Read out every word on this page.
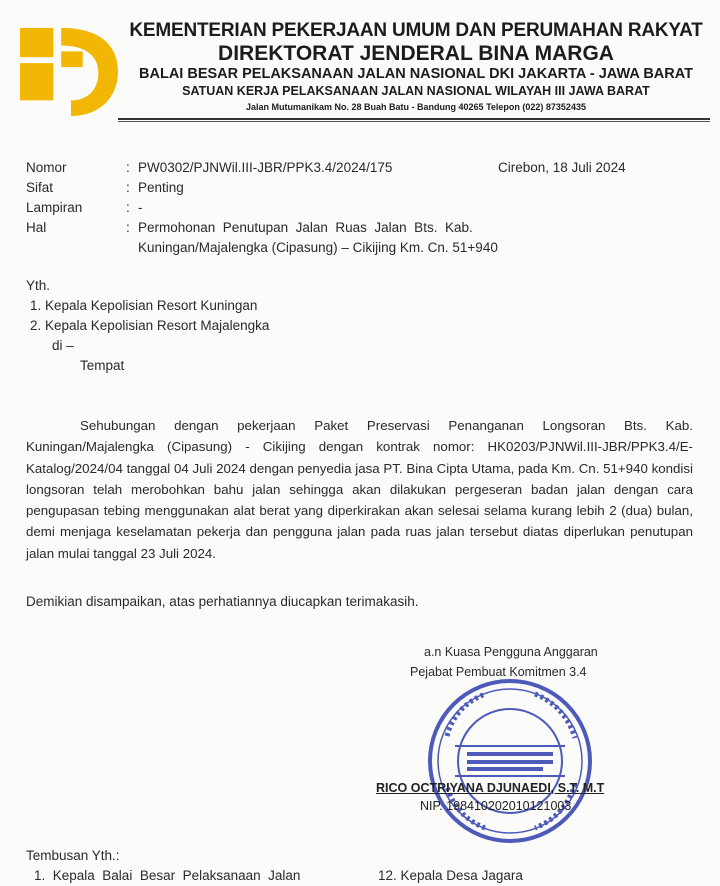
KEMENTERIAN PEKERJAAN UMUM DAN PERUMAHAN RAKYAT
DIREKTORAT JENDERAL BINA MARGA
BALAI BESAR PELAKSANAAN JALAN NASIONAL DKI JAKARTA - JAWA BARAT
SATUAN KERJA PELAKSANAAN JALAN NASIONAL WILAYAH III JAWA BARAT
Jalan Mutumanikam No. 28 Buah Batu - Bandung 40265 Telepon (022) 87352435
Nomor	: PW0302/PJNWil.III-JBR/PPK3.4/2024/175	Cirebon, 18 Juli 2024
Sifat	: Penting
Lampiran	: -
Hal	: Permohonan  Penutupan  Jalan  Ruas  Jalan  Bts.  Kab.
Kuningan/Majalengka (Cipasung) – Cikijing Km. Cn. 51+940
Yth.
1. Kepala Kepolisian Resort Kuningan
2. Kepala Kepolisian Resort Majalengka
di –
Tempat
Sehubungan dengan pekerjaan Paket Preservasi Penanganan Longsoran Bts. Kab. Kuningan/Majalengka (Cipasung) - Cikijing dengan kontrak nomor: HK0203/PJNWil.III-JBR/PPK3.4/E-Katalog/2024/04 tanggal 04 Juli 2024 dengan penyedia jasa PT. Bina Cipta Utama, pada Km. Cn. 51+940 kondisi longsoran telah merobohkan bahu jalan sehingga akan dilakukan pergeseran badan jalan dengan cara pengupasan tebing menggunakan alat berat yang diperkirakan akan selesai selama kurang lebih 2 (dua) bulan, demi menjaga keselamatan pekerja dan pengguna jalan pada ruas jalan tersebut diatas diperlukan penutupan jalan mulai tanggal 23 Juli 2024.
Demikian disampaikan, atas perhatiannya diucapkan terimakasih.
a.n Kuasa Pengguna Anggaran
Pejabat Pembuat Komitmen 3.4
RICO OCTRIYANA DJUNAEDI, S.T. M.T
NIP. 198410202010121003
Tembusan Yth.:
1.  Kepala  Balai  Besar  Pelaksanaan  Jalan	12. Kepala Desa Jagara
